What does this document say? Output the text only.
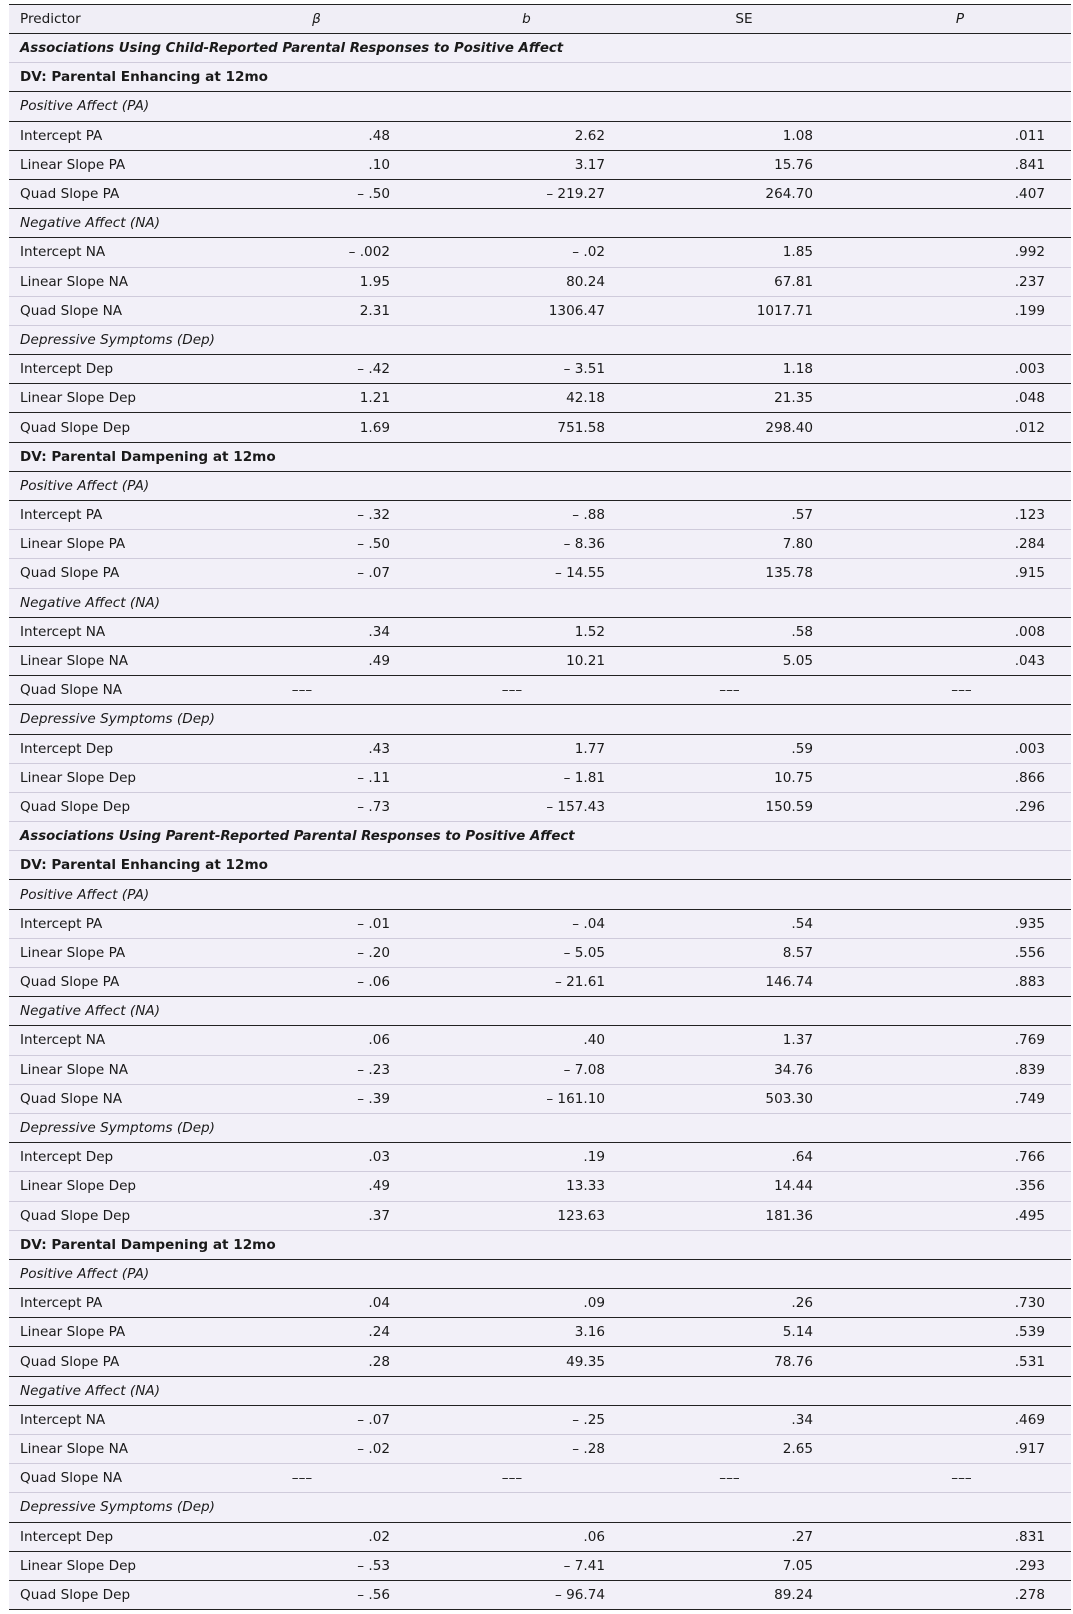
Predictor	β	b	SE	P
Associations Using Child-Reported Parental Responses to Positive Affect				
DV: Parental Enhancing at 12mo				
Positive Affect (PA)				
Intercept PA	.48	2.62	1.08	.011
Linear Slope PA	.10	3.17	15.76	.841
Quad Slope PA	– .50	– 219.27	264.70	.407
Negative Affect (NA)				
Intercept NA	– .002	– .02	1.85	.992
Linear Slope NA	1.95	80.24	67.81	.237
Quad Slope NA	2.31	1306.47	1017.71	.199
Depressive Symptoms (Dep)				
Intercept Dep	– .42	– 3.51	1.18	.003
Linear Slope Dep	1.21	42.18	21.35	.048
Quad Slope Dep	1.69	751.58	298.40	.012
DV: Parental Dampening at 12mo				
Positive Affect (PA)				
Intercept PA	– .32	– .88	.57	.123
Linear Slope PA	– .50	– 8.36	7.80	.284
Quad Slope PA	– .07	– 14.55	135.78	.915
Negative Affect (NA)				
Intercept NA	.34	1.52	.58	.008
Linear Slope NA	.49	10.21	5.05	.043
Quad Slope NA	–––	–––	–––	–––
Depressive Symptoms (Dep)				
Intercept Dep	.43	1.77	.59	.003
Linear Slope Dep	– .11	– 1.81	10.75	.866
Quad Slope Dep	– .73	– 157.43	150.59	.296
Associations Using Parent-Reported Parental Responses to Positive Affect				
DV: Parental Enhancing at 12mo				
Positive Affect (PA)				
Intercept PA	– .01	– .04	.54	.935
Linear Slope PA	– .20	– 5.05	8.57	.556
Quad Slope PA	– .06	– 21.61	146.74	.883
Negative Affect (NA)				
Intercept NA	.06	.40	1.37	.769
Linear Slope NA	– .23	– 7.08	34.76	.839
Quad Slope NA	– .39	– 161.10	503.30	.749
Depressive Symptoms (Dep)				
Intercept Dep	.03	.19	.64	.766
Linear Slope Dep	.49	13.33	14.44	.356
Quad Slope Dep	.37	123.63	181.36	.495
DV: Parental Dampening at 12mo				
Positive Affect (PA)				
Intercept PA	.04	.09	.26	.730
Linear Slope PA	.24	3.16	5.14	.539
Quad Slope PA	.28	49.35	78.76	.531
Negative Affect (NA)				
Intercept NA	– .07	– .25	.34	.469
Linear Slope NA	– .02	– .28	2.65	.917
Quad Slope NA	–––	–––	–––	–––
Depressive Symptoms (Dep)				
Intercept Dep	.02	.06	.27	.831
Linear Slope Dep	– .53	– 7.41	7.05	.293
Quad Slope Dep	– .56	– 96.74	89.24	.278
